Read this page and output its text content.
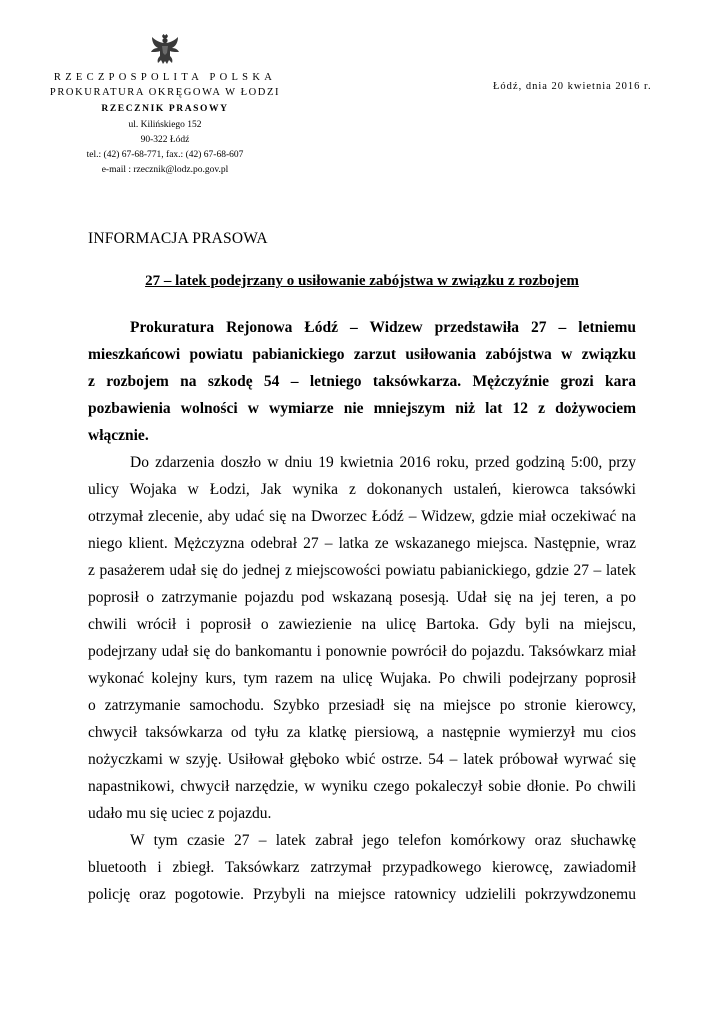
RZECZPOSPOLITA POLSKA
PROKURATURA OKRĘGOWA W ŁODZI
RZECZNIK PRASOWY
ul. Kilińskiego 152
90-322 Łódź
tel.: (42) 67-68-771, fax.: (42) 67-68-607
e-mail : rzecznik@lodz.po.gov.pl
Łódź, dnia 20 kwietnia 2016 r.
INFORMACJA PRASOWA
27 – latek podejrzany o usiłowanie zabójstwa w związku z rozbojem

Prokuratura Rejonowa Łódź – Widzew przedstawiła 27 – letniemu

mieszkańcowi powiatu pabianickiego zarzut usiłowania zabójstwa w związku

z rozbojem na szkodę 54 – letniego taksówkarza. Mężczyźnie grozi kara

pozbawienia wolności w wymiarze nie mniejszym niż lat 12 z dożywociem

włącznie.

Do zdarzenia doszło w dniu 19 kwietnia 2016 roku, przed godziną 5:00, przy

ulicy Wojaka w Łodzi, Jak wynika z dokonanych ustaleń, kierowca taksówki

otrzymał zlecenie, aby udać się na Dworzec Łódź – Widzew, gdzie miał oczekiwać na

niego klient. Mężczyzna odebrał 27 – latka ze wskazanego miejsca. Następnie, wraz

z pasażerem udał się do jednej z miejscowości powiatu pabianickiego, gdzie 27 – latek

poprosił o zatrzymanie pojazdu pod wskazaną posesją. Udał się na jej teren, a po

chwili wrócił i poprosił o zawiezienie na ulicę Bartoka. Gdy byli na miejscu,

podejrzany udał się do bankomantu i ponownie powrócił do pojazdu. Taksówkarz miał

wykonać kolejny kurs, tym razem na ulicę Wujaka. Po chwili podejrzany poprosił

o zatrzymanie samochodu. Szybko przesiadł się na miejsce po stronie kierowcy,

chwycił taksówkarza od tyłu za klatkę piersiową, a następnie wymierzył mu cios

nożyczkami w szyję. Usiłował głęboko wbić ostrze. 54 – latek próbował wyrwać się

napastnikowi, chwycił narzędzie, w wyniku czego pokaleczył sobie dłonie. Po chwili

udało mu się uciec z pojazdu.

W tym czasie 27 – latek zabrał jego telefon komórkowy oraz słuchawkę

bluetooth i zbiegł. Taksówkarz zatrzymał przypadkowego kierowcę, zawiadomił

policję oraz pogotowie. Przybyli na miejsce ratownicy udzielili pokrzywdzonemu
